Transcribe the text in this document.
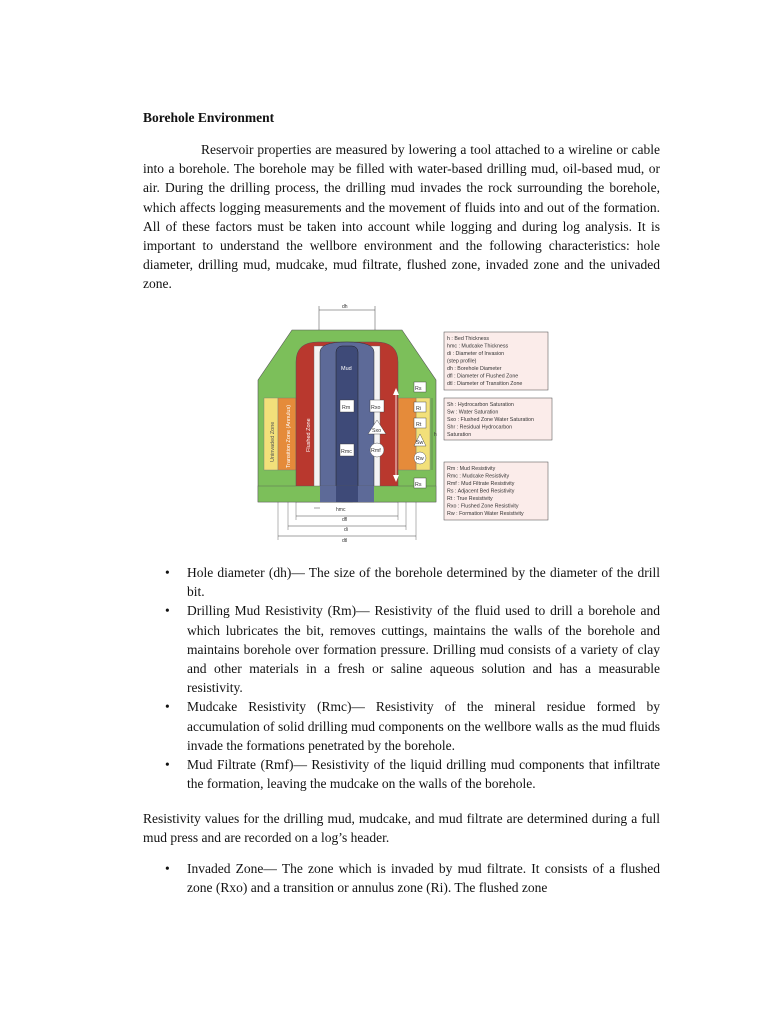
Borehole Environment

Reservoir properties are measured by lowering a tool attached to a wireline or cable into a borehole. The borehole may be filled with water-based drilling mud, oil-based mud, or air. During the drilling process, the drilling mud invades the rock surrounding the borehole, which affects logging measurements and the movement of fluids into and out of the formation. All of these factors must be taken into account while logging and during log analysis. It is important to understand the wellbore environment and the following characteristics: hole diameter, drilling mud, mudcake, mud filtrate, flushed zone, invaded zone and the univaded zone.

dh
Mud
Uninvaded Zone Transition Zone (Annulus)	Flushed Zone
Rm
Rmc
Rxo
Sxo
Rmf
Rs
Ri
Rt
Sw
Rw
Rs
h
hmc
dfl
di
dtl
h : Bed Thickness
hmc : Mudcake Thickness
di : Diameter of Invasion
(step profile)
dh : Borehole Diameter
dfl : Diameter of Flushed Zone
dtl : Diameter of Transition Zone
Sh : Hydrocarbon Saturation
Sw : Water Saturation
Sxo : Flushed Zone Water Saturation
Shr : Residual Hydrocarbon
Saturation
Rm : Mud Resistivity
Rmc : Mudcake Resistivity
Rmf : Mud Filtrate Resistivity
Rs : Adjacent Bed Resistivity
Rt : True Resistivity
Rxo : Flushed Zone Resistivity
Rw : Formation Water Resistivity
• Hole diameter (dh)— The size of the borehole determined by the diameter of the drill bit.
• Drilling Mud Resistivity (Rm)— Resistivity of the fluid used to drill a borehole and which lubricates the bit, removes cuttings, maintains the walls of the borehole and maintains borehole over formation pressure. Drilling mud consists of a variety of clay and other materials in a fresh or saline aqueous solution and has a measurable resistivity.
• Mudcake Resistivity (Rmc)— Resistivity of the mineral residue formed by accumulation of solid drilling mud components on the wellbore walls as the mud fluids invade the formations penetrated by the borehole.
• Mud Filtrate (Rmf)— Resistivity of the liquid drilling mud components that infiltrate the formation, leaving the mudcake on the walls of the borehole.

Resistivity values for the drilling mud, mudcake, and mud filtrate are determined during a full mud press and are recorded on a log’s header.

• Invaded Zone— The zone which is invaded by mud filtrate. It consists of a flushed zone (Rxo) and a transition or annulus zone (Ri). The flushed zone
